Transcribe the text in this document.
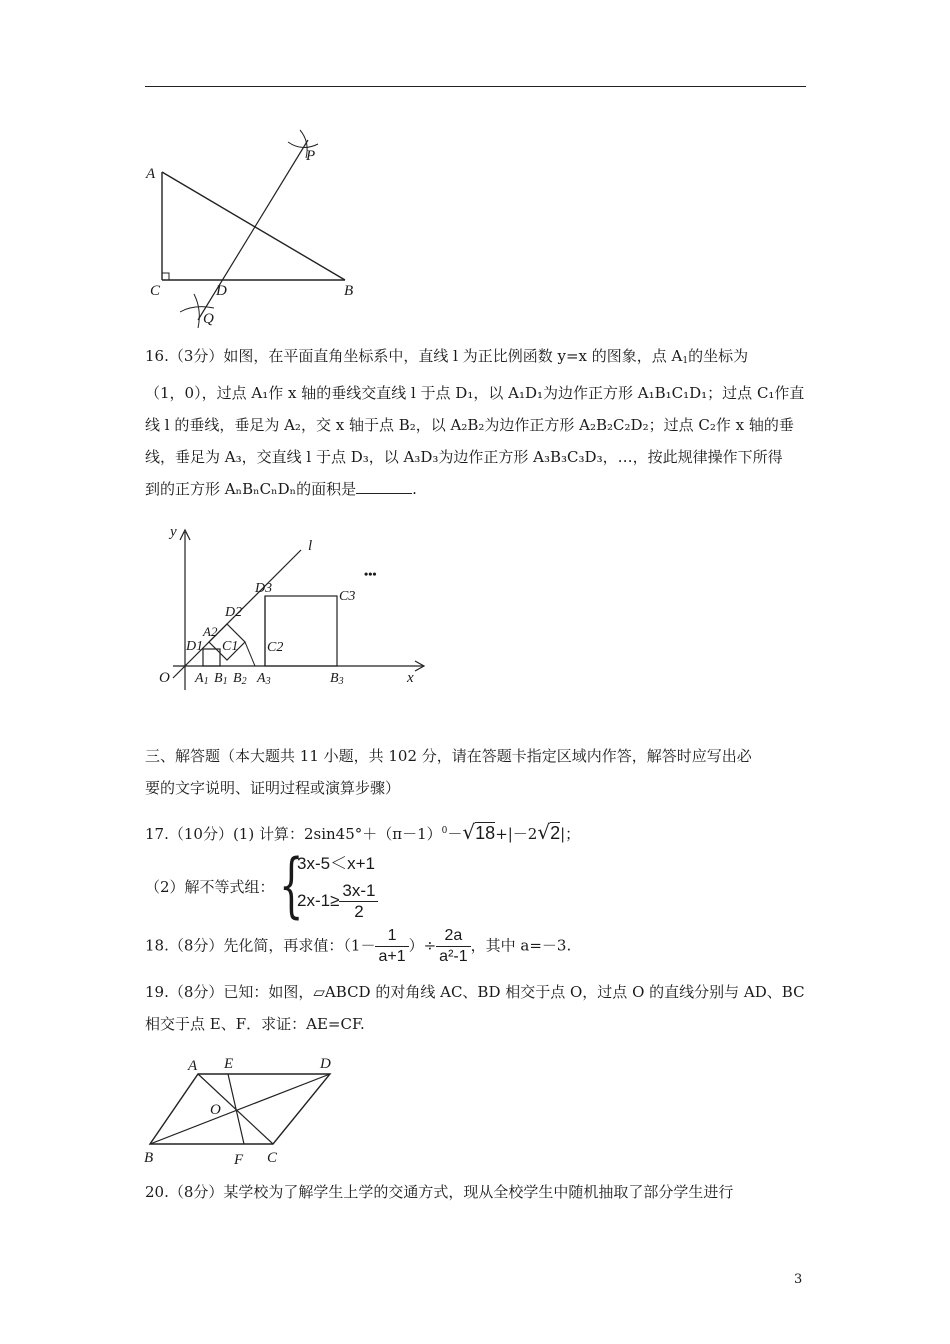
A
C	D	B
P
Q
16.（3分）如图，在平面直角坐标系中，直线 l 为正比例函数 y=x 的图象，点 $A_1$的坐标为
（1，0），过点 A₁作 x 轴的垂线交直线 l 于点 D₁，以 A₁D₁为边作正方形 A₁B₁C₁D₁；过点 C₁作直
线 l 的垂线，垂足为 A₂，交 x 轴于点 B₂，以 A₂B₂为边作正方形 A₂B₂C₂D₂；过点 C₂作 x 轴的垂
线，垂足为 A₃，交直线 l 于点 D₃，以 A₃D₃为边作正方形 A₃B₃C₃D₃，…，按此规律操作下所得
到的正方形 AₙBₙCₙDₙ的面积是	.
y
x
l
O
•••
D1
A2
C1
D2
C2
D3
C3
A1 B1 B2 A3	B3
三、解答题（本大题共 11 小题，共 102 分，请在答题卡指定区域内作答，解答时应写出必
要的文字说明、证明过程或演算步骤）
17.（10分）(1) 计算：$2\sin 45^\circ+(\pi-1)^0-√18+|-2√2|$；
（2）解不等式组： {
3x-5＜x+1
$2x-1\ge \frac{3x-1}{2}$
18.（8分）先化简，再求值：（$1- \frac{1}{a+1}$ ）÷ $\frac{2a}{\text{a²-1}}$ ，其中 a=－3.
19.（8分）已知：如图，▱ABCD 的对角线 AC、BD 相交于点 O，过点 O 的直线分别与 AD、BC
相交于点 E、F．求证：AE=CF.
A E	D
O
B	F C
20.（8分）某学校为了解学生上学的交通方式，现从全校学生中随机抽取了部分学生进行
3
